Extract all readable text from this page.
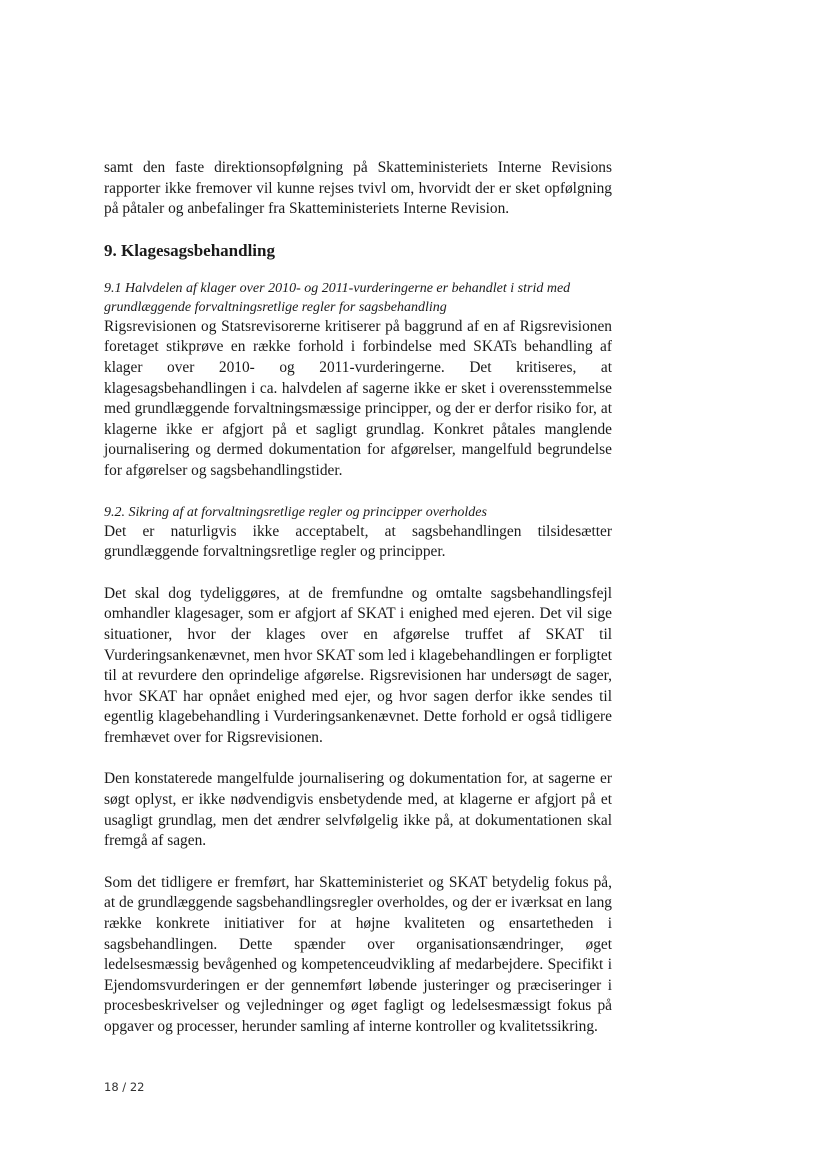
samt den faste direktionsopfølgning på Skatteministeriets Interne Revisions rapporter ikke fremover vil kunne rejses tvivl om, hvorvidt der er sket opfølgning på påtaler og anbefalinger fra Skatteministeriets Interne Revision.

9. Klagesagsbehandling

9.1 Halvdelen af klager over 2010- og 2011-vurderingerne er behandlet i strid med grundlæggende forvaltningsretlige regler for sagsbehandling

Rigsrevisionen og Statsrevisorerne kritiserer på baggrund af en af Rigsrevisionen foretaget stikprøve en række forhold i forbindelse med SKATs behandling af klager over 2010- og 2011-vurderingerne. Det kritiseres, at klagesagsbehandlingen i ca. halvdelen af sagerne ikke er sket i overensstemmelse med grundlæggende forvaltningsmæssige principper, og der er derfor risiko for, at klagerne ikke er afgjort på et sagligt grundlag. Konkret påtales manglende journalisering og dermed dokumentation for afgørelser, mangelfuld begrundelse for afgørelser og sagsbehandlingstider.

9.2. Sikring af at forvaltningsretlige regler og principper overholdes

Det er naturligvis ikke acceptabelt, at sagsbehandlingen tilsidesætter grundlæggende forvaltningsretlige regler og principper.

Det skal dog tydeliggøres, at de fremfundne og omtalte sagsbehandlingsfejl omhandler klagesager, som er afgjort af SKAT i enighed med ejeren. Det vil sige situationer, hvor der klages over en afgørelse truffet af SKAT til Vurderingsankenævnet, men hvor SKAT som led i klagebehandlingen er forpligtet til at revurdere den oprindelige afgørelse. Rigsrevisionen har undersøgt de sager, hvor SKAT har opnået enighed med ejer, og hvor sagen derfor ikke sendes til egentlig klagebehandling i Vurderingsankenævnet. Dette forhold er også tidligere fremhævet over for Rigsrevisionen.

Den konstaterede mangelfulde journalisering og dokumentation for, at sagerne er søgt oplyst, er ikke nødvendigvis ensbetydende med, at klagerne er afgjort på et usagligt grundlag, men det ændrer selvfølgelig ikke på, at dokumentationen skal fremgå af sagen.

Som det tidligere er fremført, har Skatteministeriet og SKAT betydelig fokus på, at de grundlæggende sagsbehandlingsregler overholdes, og der er iværksat en lang række konkrete initiativer for at højne kvaliteten og ensartetheden i sagsbehandlingen. Dette spænder over organisationsændringer, øget ledelsesmæssig bevågenhed og kompetenceudvikling af medarbejdere. Specifikt i Ejendomsvurderingen er der gennemført løbende justeringer og præciseringer i procesbeskrivelser og vejledninger og øget fagligt og ledelsesmæssigt fokus på opgaver og processer, herunder samling af interne kontroller og kvalitetssikring.

18 / 22
